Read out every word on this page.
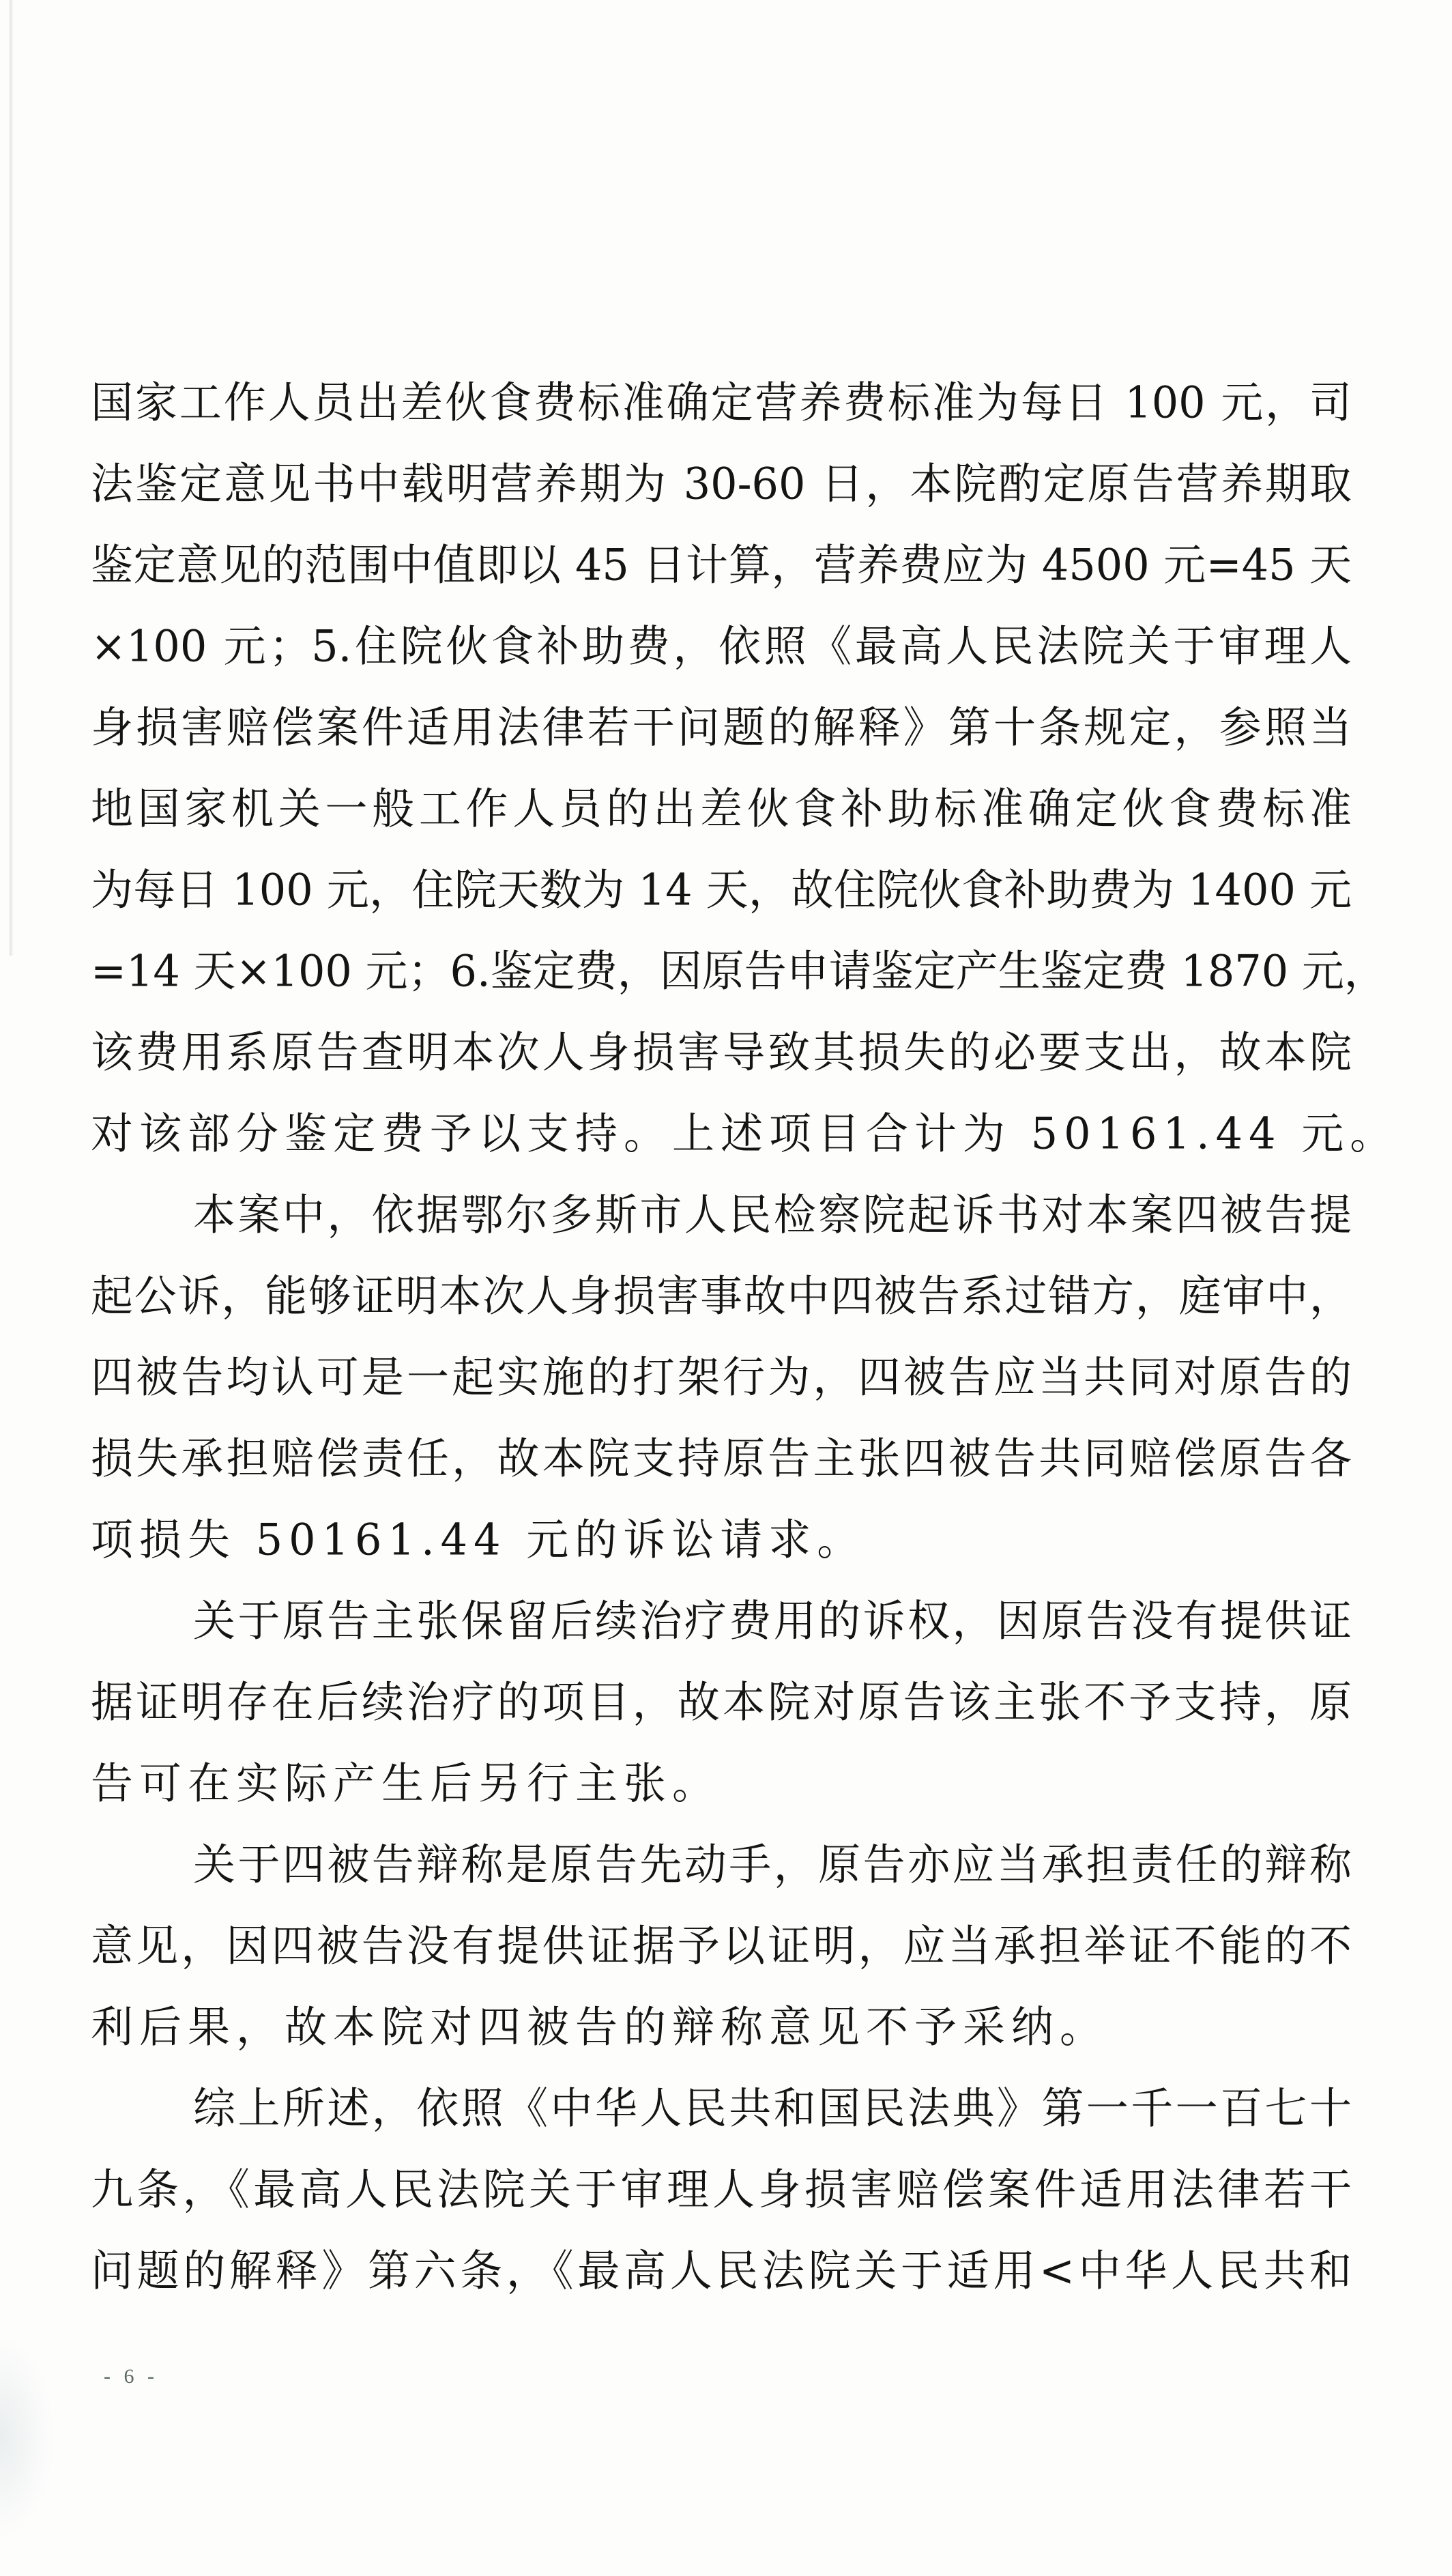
国家工作人员出差伙食费标准确定营养费标准为每日 100 元，司
法鉴定意见书中载明营养期为 30-60 日，本院酌定原告营养期取
鉴定意见的范围中值即以 45 日计算，营养费应为 4500 元=45 天
×100 元；5.住院伙食补助费，依照《最高人民法院关于审理人
身损害赔偿案件适用法律若干问题的解释》第十条规定，参照当
地国家机关一般工作人员的出差伙食补助标准确定伙食费标准
为每日 100 元，住院天数为 14 天，故住院伙食补助费为 1400 元
=14 天×100 元；6.鉴定费，因原告申请鉴定产生鉴定费 1870 元，
该费用系原告查明本次人身损害导致其损失的必要支出，故本院
对该部分鉴定费予以支持。上述项目合计为 50161.44 元。
本案中，依据鄂尔多斯市人民检察院起诉书对本案四被告提
起公诉，能够证明本次人身损害事故中四被告系过错方，庭审中，
四被告均认可是一起实施的打架行为，四被告应当共同对原告的
损失承担赔偿责任，故本院支持原告主张四被告共同赔偿原告各
项损失 50161.44 元的诉讼请求。
关于原告主张保留后续治疗费用的诉权，因原告没有提供证
据证明存在后续治疗的项目，故本院对原告该主张不予支持，原
告可在实际产生后另行主张。
关于四被告辩称是原告先动手，原告亦应当承担责任的辩称
意见，因四被告没有提供证据予以证明，应当承担举证不能的不
利后果，故本院对四被告的辩称意见不予采纳。
综上所述，依照《中华人民共和国民法典》第一千一百七十
九条，《最高人民法院关于审理人身损害赔偿案件适用法律若干
问题的解释》第六条，《最高人民法院关于适用<中华人民共和
- 6 -
